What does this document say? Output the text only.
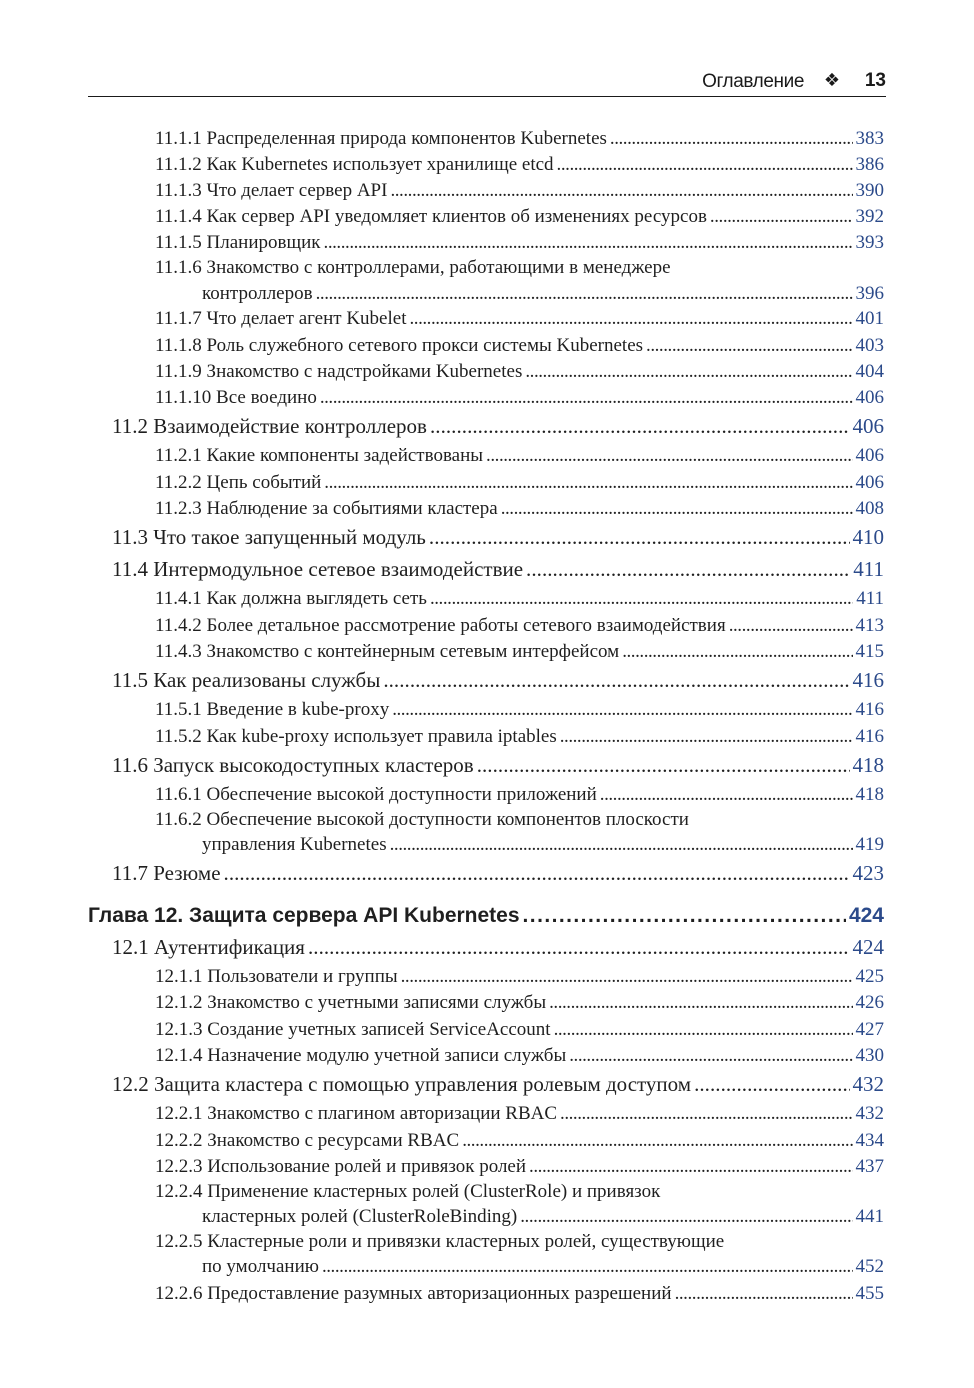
Оглавление ❖ 13
11.1.1 Распределенная природа компонентов Kubernetes . . .	383
11.1.2 Как Kubernetes использует хранилище etcd . . .	386
11.1.3 Что делает сервер API . . .	390
11.1.4 Как сервер API уведомляет клиентов об изменениях ресурсов . . .	392
11.1.5 Планировщик . . .	393
11.1.6 Знакомство с контроллерами, работающими в менеджере
контроллеров . . .	396
11.1.7 Что делает агент Kubelet . . .	401
11.1.8 Роль служебного сетевого прокси системы Kubernetes . . .	403
11.1.9 Знакомство с надстройками Kubernetes . . .	404
11.1.10 Все воедино . . .	406
11.2 Взаимодействие контроллеров . . .	406
11.2.1 Какие компоненты задействованы . . .	406
11.2.2 Цепь событий . . .	406
11.2.3 Наблюдение за событиями кластера . . .	408
11.3 Что такое запущенный модуль . . .	410
11.4 Интермодульное сетевое взаимодействие . . .	411
11.4.1 Как должна выглядеть сеть . . .	411
11.4.2 Более детальное рассмотрение работы сетевого взаимодействия . . .	413
11.4.3 Знакомство с контейнерным сетевым интерфейсом . . .	415
11.5 Как реализованы службы . . .	416
11.5.1 Введение в kube-proxy . . .	416
11.5.2 Как kube-proxy использует правила iptables . . .	416
11.6 Запуск высокодоступных кластеров . . .	418
11.6.1 Обеспечение высокой доступности приложений . . .	418
11.6.2 Обеспечение высокой доступности компонентов плоскости
управления Kubernetes . . .	419
11.7 Резюме . . .	423
Глава 12. Защита сервера API Kubernetes . . .	424
12.1 Аутентификация . . .	424
12.1.1 Пользователи и группы . . .	425
12.1.2 Знакомство с учетными записями службы . . .	426
12.1.3 Создание учетных записей ServiceAccount . . .	427
12.1.4 Назначение модулю учетной записи службы . . .	430
12.2 Защита кластера с помощью управления ролевым доступом . . .	432
12.2.1 Знакомство с плагином авторизации RBAC . . .	432
12.2.2 Знакомство с ресурсами RBAC . . .	434
12.2.3 Использование ролей и привязок ролей . . .	437
12.2.4 Применение кластерных ролей (ClusterRole) и привязок
кластерных ролей (ClusterRoleBinding) . . .	441
12.2.5 Кластерные роли и привязки кластерных ролей, существующие
по умолчанию . . .	452
12.2.6 Предоставление разумных авторизационных разрешений . . .	455
